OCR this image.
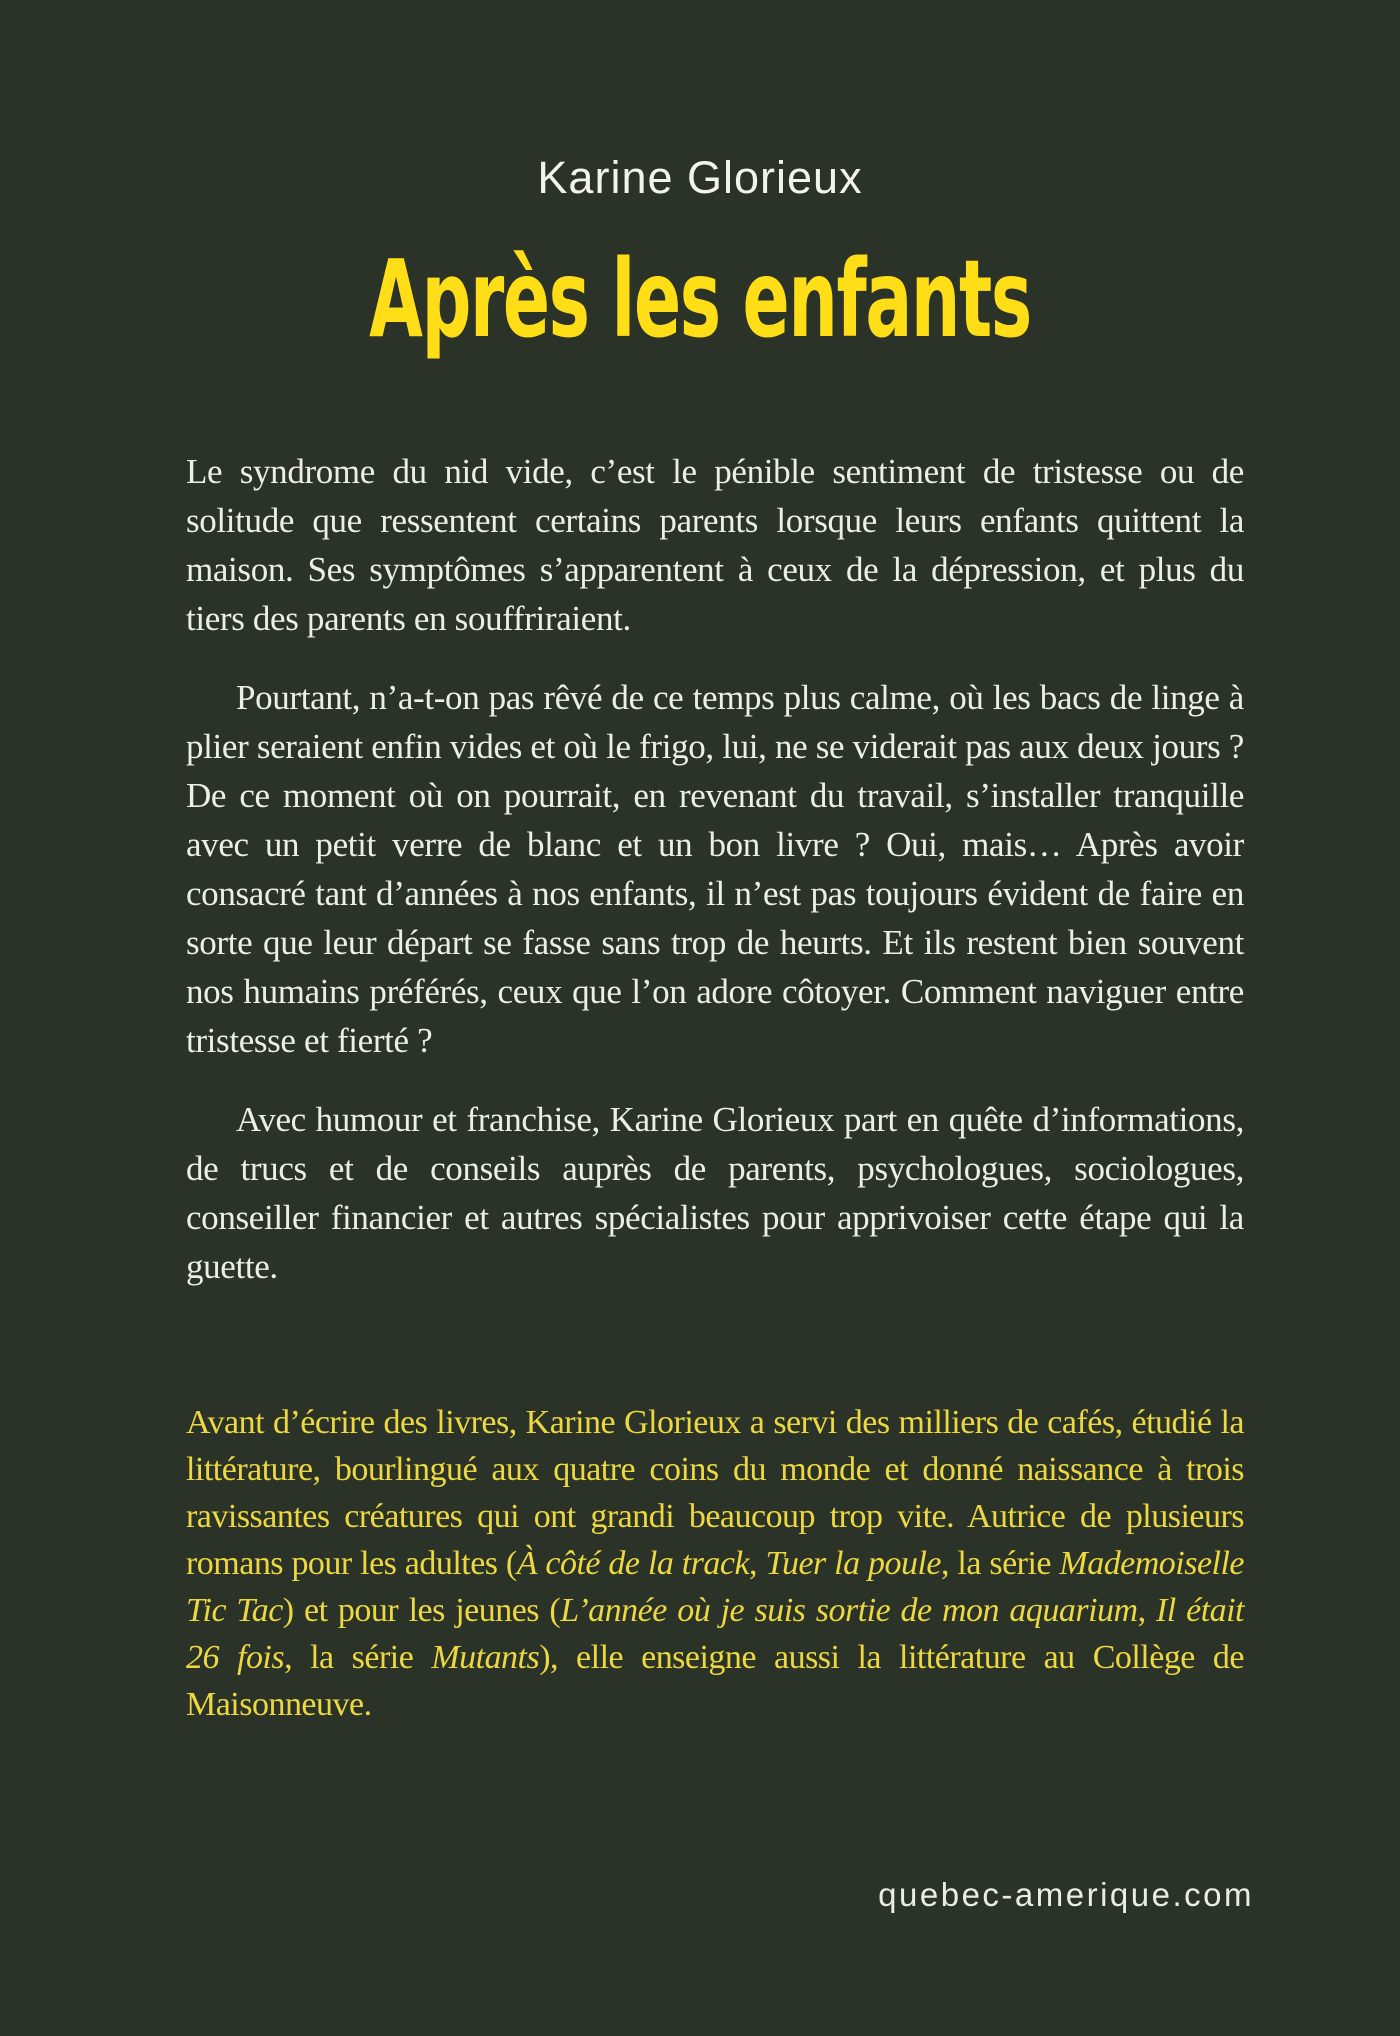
Karine Glorieux
Après les enfants

Le syndrome du nid vide, c’est le pénible sentiment de tristesse ou de solitude que ressentent certains parents lorsque leurs enfants quittent la maison. Ses symptômes s’apparentent à ceux de la dépression, et plus du tiers des parents en souffriraient.

Pourtant, n’a-t-on pas rêvé de ce temps plus calme, où les bacs de linge à plier seraient enfin vides et où le frigo, lui, ne se viderait pas aux deux jours ? De ce moment où on pourrait, en revenant du travail, s’installer tranquille avec un petit verre de blanc et un bon livre ? Oui, mais… Après avoir consacré tant d’années à nos enfants, il n’est pas toujours évident de faire en sorte que leur départ se fasse sans trop de heurts. Et ils restent bien souvent nos humains préférés, ceux que l’on adore côtoyer. Comment naviguer entre tristesse et fierté ?

Avec humour et franchise, Karine Glorieux part en quête d’informations, de trucs et de conseils auprès de parents, psychologues, sociologues, conseiller financier et autres spécialistes pour apprivoiser cette étape qui la guette.

Avant d’écrire des livres, Karine Glorieux a servi des milliers de cafés, étudié la littérature, bourlingué aux quatre coins du monde et donné naissance à trois ravissantes créatures qui ont grandi beaucoup trop vite. Autrice de plusieurs romans pour les adultes (À côté de la track, Tuer la poule, la série Mademoiselle Tic Tac) et pour les jeunes (L’année où je suis sortie de mon aquarium, Il était 26 fois, la série Mutants), elle enseigne aussi la littérature au Collège de Maisonneuve.
quebec-amerique.com
